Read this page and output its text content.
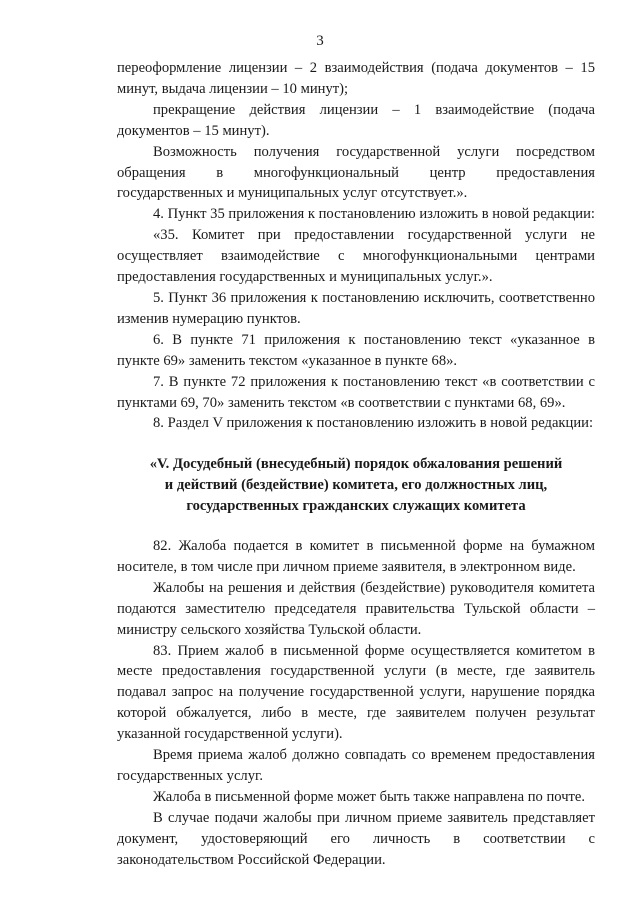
3

переоформление лицензии – 2 взаимодействия (подача документов – 15 минут, выдача лицензии – 10 минут);

прекращение действия лицензии – 1 взаимодействие (подача документов – 15 минут).

Возможность получения государственной услуги посредством обращения в многофункциональный центр предоставления государственных и муниципальных услуг отсутствует.».

4. Пункт 35 приложения к постановлению изложить в новой редакции:

«35. Комитет при предоставлении государственной услуги не осуществляет взаимодействие с многофункциональными центрами предоставления государственных и муниципальных услуг.».

5. Пункт 36 приложения к постановлению исключить, соответственно изменив нумерацию пунктов.

6. В пункте 71 приложения к постановлению текст «указанное в пункте 69» заменить текстом «указанное в пункте 68».

7. В пункте 72 приложения к постановлению текст «в соответствии с пунктами 69, 70» заменить текстом «в соответствии с пунктами 68, 69».

8. Раздел V приложения к постановлению изложить в новой редакции:

«V. Досудебный (внесудебный) порядок обжалования решений
и действий (бездействие) комитета, его должностных лиц,
государственных гражданских служащих комитета

82. Жалоба подается в комитет в письменной форме на бумажном носителе, в том числе при личном приеме заявителя, в электронном виде.

Жалобы на решения и действия (бездействие) руководителя комитета подаются заместителю председателя правительства Тульской области – министру сельского хозяйства Тульской области.

83. Прием жалоб в письменной форме осуществляется комитетом в месте предоставления государственной услуги (в месте, где заявитель подавал запрос на получение государственной услуги, нарушение порядка которой обжалуется, либо в месте, где заявителем получен результат указанной государственной услуги).

Время приема жалоб должно совпадать со временем предоставления государственных услуг.

Жалоба в письменной форме может быть также направлена по почте.

В случае подачи жалобы при личном приеме заявитель представляет документ, удостоверяющий его личность в соответствии с законодательством Российской Федерации.
